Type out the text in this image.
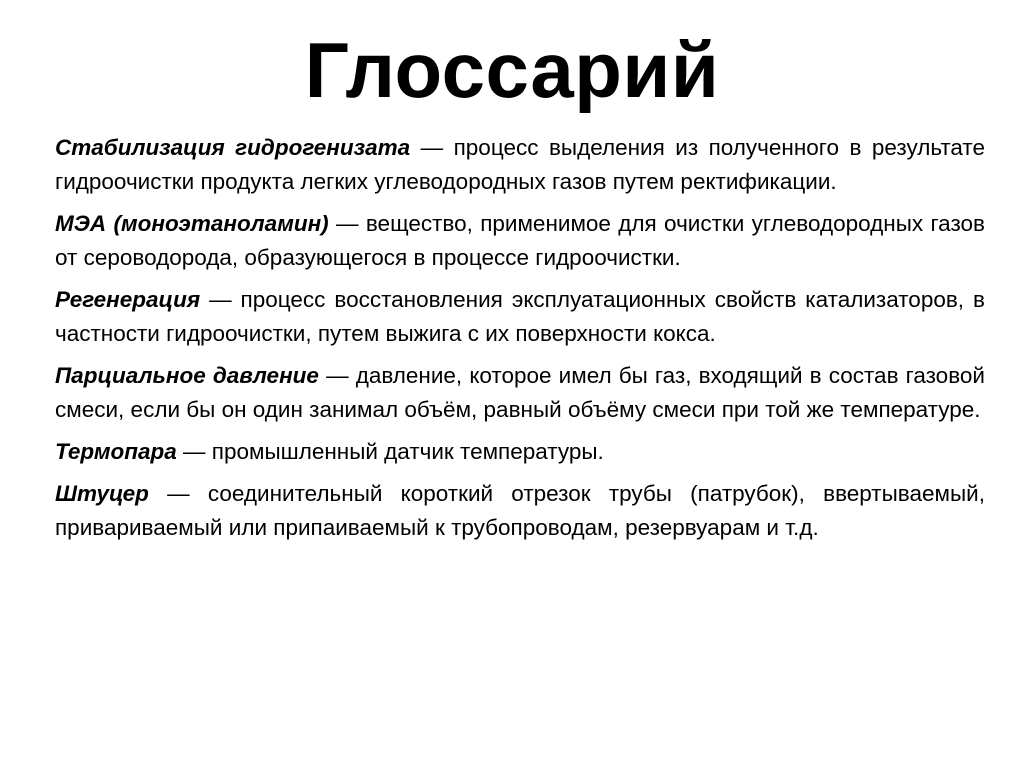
Глоссарий
Стабилизация гидрогенизата — процесс выделения из полученного в результате гидроочистки продукта легких углеводородных газов путем ректификации.
МЭА (моноэтаноламин) — вещество, применимое для очистки углеводородных газов от сероводорода, образующегося в процессе гидроочистки.
Регенерация — процесс восстановления эксплуатационных свойств катализаторов, в частности гидроочистки, путем выжига с их поверхности кокса.
Парциальное давление — давление, которое имел бы газ, входящий в состав газовой смеси, если бы он один занимал объём, равный объёму смеси при той же температуре.
Термопара — промышленный датчик температуры.
Штуцер — соединительный короткий отрезок трубы (патрубок), ввертываемый, привариваемый или припаиваемый к трубопроводам, резервуарам и т.д.
